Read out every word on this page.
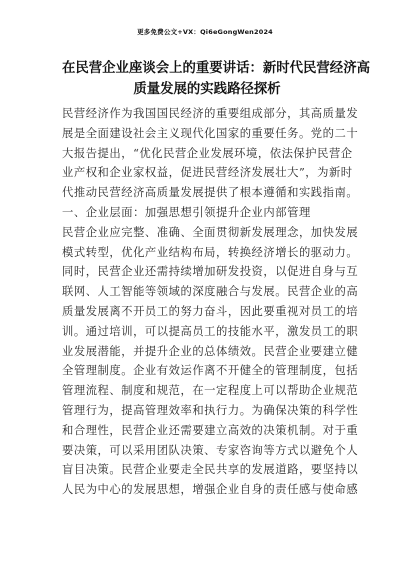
更多免费公文+VX：Qi6eGongWen2024
在民营企业座谈会上的重要讲话：新时代民营经济高
质量发展的实践路径探析
民营经济作为我国国民经济的重要组成部分，其高质量发
展是全面建设社会主义现代化国家的重要任务。党的二十
大报告提出，“优化民营企业发展环境，依法保护民营企
业产权和企业家权益，促进民营经济发展壮大”，为新时
代推动民营经济高质量发展提供了根本遵循和实践指南。
一、企业层面：加强思想引领提升企业内部管理
民营企业应完整、准确、全面贯彻新发展理念，加快发展
模式转型，优化产业结构布局，转换经济增长的驱动力。
同时，民营企业还需持续增加研发投资，以促进自身与互
联网、人工智能等领域的深度融合与发展。民营企业的高
质量发展离不开员工的努力奋斗，因此要重视对员工的培
训。通过培训，可以提高员工的技能水平，激发员工的职
业发展潜能，并提升企业的总体绩效。民营企业要建立健
全管理制度。企业有效运作离不开健全的管理制度，包括
管理流程、制度和规范，在一定程度上可以帮助企业规范
管理行为，提高管理效率和执行力。为确保决策的科学性
和合理性，民营企业还需要建立高效的决策机制。对于重
要决策，可以采用团队决策、专家咨询等方式以避免个人
盲目决策。民营企业要走全民共享的发展道路，要坚持以
人民为中心的发展思想，增强企业自身的责任感与使命感
